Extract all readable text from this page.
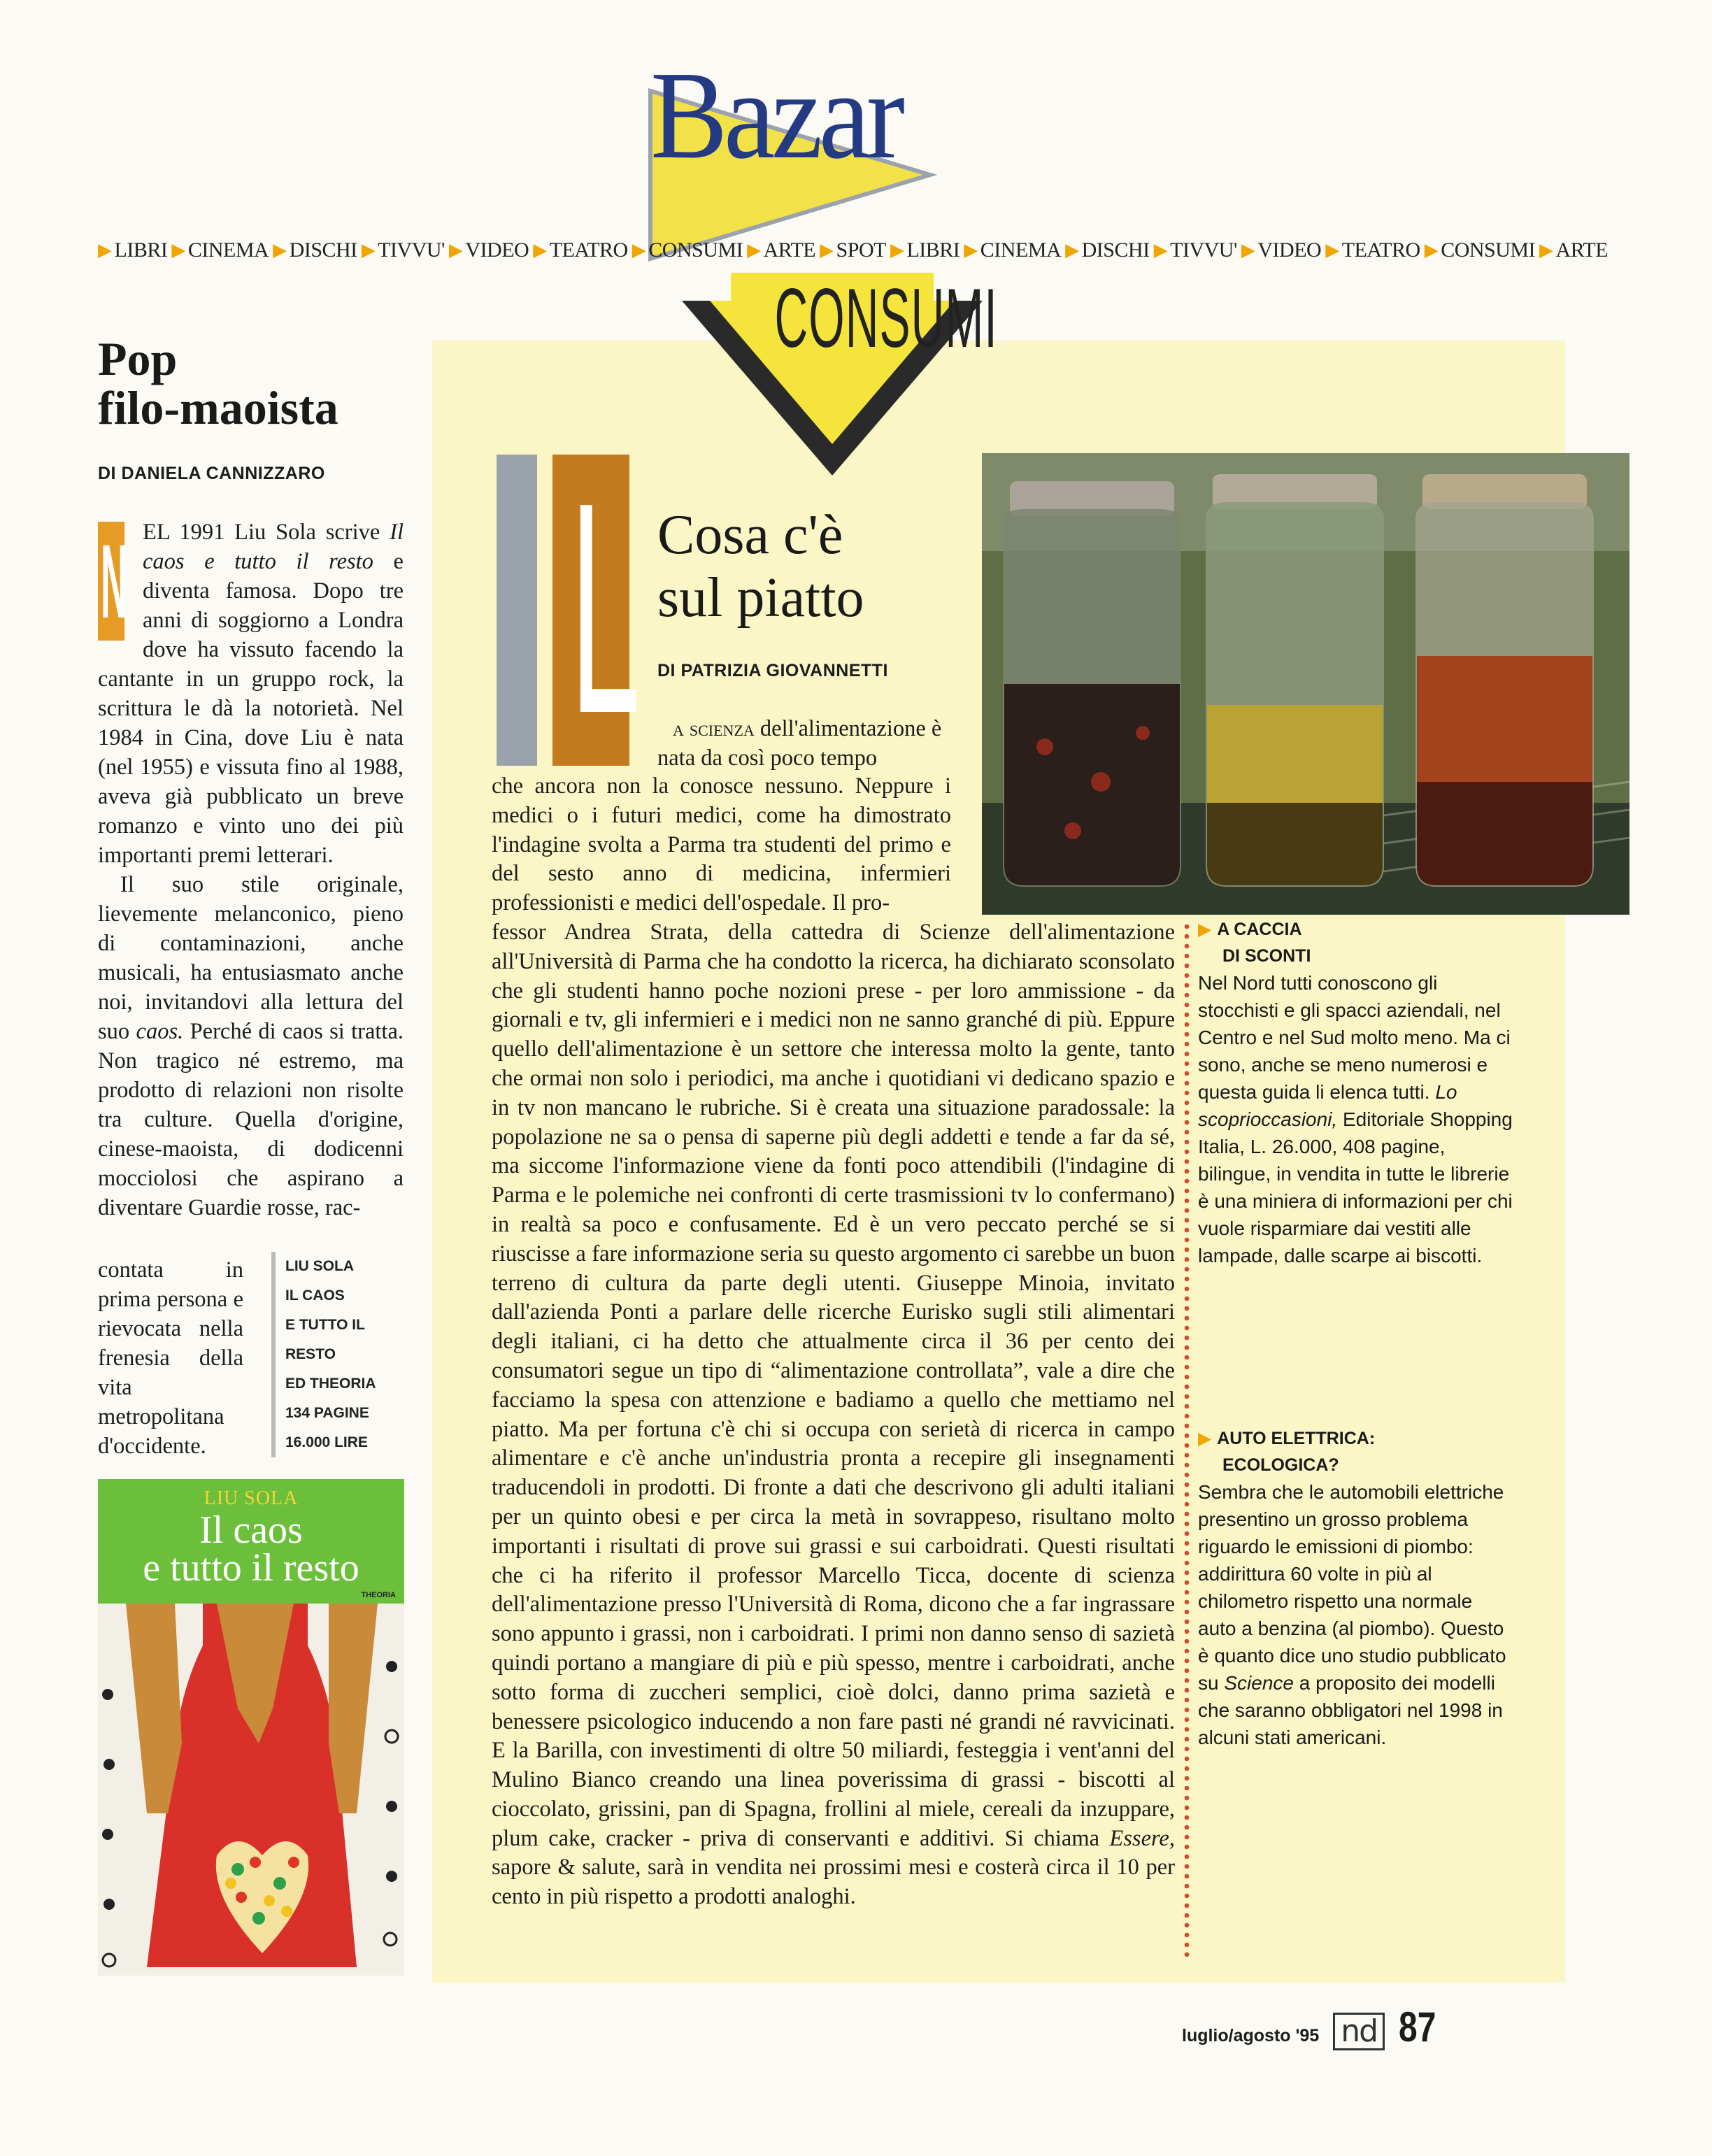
Bazar
▶ LIBRI ▶ CINEMA ▶ DISCHI ▶ TIVVU' ▶ VIDEO ▶ TEATRO ▶ CONSUMI ▶ ARTE ▶ SPOT ▶ LIBRI ▶ CINEMA ▶ DISCHI ▶ TIVVU' ▶ VIDEO ▶ TEATRO ▶ CONSUMI ▶ ARTE
CONSUMI
Pop
filo-maoista
DI DANIELA CANNIZZARO

N EL 1991 Liu Sola scrive Il caos e tutto il resto e diventa famosa. Dopo tre anni di soggiorno a Londra dove ha vissuto facendo la cantante in un gruppo rock, la scrittura le dà la notorietà. Nel 1984 in Cina, dove Liu è nata (nel 1955) e vissuta fino al 1988, aveva già pubblicato un breve romanzo e vinto uno dei più importanti premi letterari.

Il suo stile originale, lievemente melanconico, pieno di contaminazioni, anche musicali, ha entusiasmato anche noi, invitandovi alla lettura del suo caos. Perché di caos si tratta. Non tragico né estremo, ma prodotto di relazioni non risolte tra culture. Quella d'origine, cinese-maoista, di dodicenni mocciolosi che aspirano a diventare Guardie rosse, rac-

contata in prima persona e rievocata nella frenesia della vita metropolitana d'occidente.
LIU SOLA
IL CAOS
E TUTTO IL RESTO
ED THEORIA
134 PAGINE
16.000 LIRE
LIU SOLA
Il caos
e tutto il resto
THEORIA
L Cosa c'è
sul piatto
DI PATRIZIA GIOVANNETTI
a scienza dell'alimentazione è nata da così poco tempo
che ancora non la conosce nessuno. Neppure i medici o i futuri medici, come ha dimostrato l'indagine svolta a Parma tra studenti del primo e del sesto anno di medicina, infermieri professionisti e medici dell'ospedale. Il pro-
fessor Andrea Strata, della cattedra di Scienze dell'alimentazione all'Università di Parma che ha condotto la ricerca, ha dichiarato sconsolato che gli studenti hanno poche nozioni prese - per loro ammissione - da giornali e tv, gli infermieri e i medici non ne sanno granché di più. Eppure quello dell'alimentazione è un settore che interessa molto la gente, tanto che ormai non solo i periodici, ma anche i quotidiani vi dedicano spazio e in tv non mancano le rubriche. Si è creata una situazione paradossale: la popolazione ne sa o pensa di saperne più degli addetti e tende a far da sé, ma siccome l'informazione viene da fonti poco attendibili (l'indagine di Parma e le polemiche nei confronti di certe trasmissioni tv lo confermano) in realtà sa poco e confusamente. Ed è un vero peccato perché se si riuscisse a fare informazione seria su questo argomento ci sarebbe un buon terreno di cultura da parte degli utenti. Giuseppe Minoia, invitato dall'azienda Ponti a parlare delle ricerche Eurisko sugli stili alimentari degli italiani, ci ha detto che attualmente circa il 36 per cento dei consumatori segue un tipo di “alimentazione controllata”, vale a dire che facciamo la spesa con attenzione e badiamo a quello che mettiamo nel piatto. Ma per fortuna c'è chi si occupa con serietà di ricerca in campo alimentare e c'è anche un'industria pronta a recepire gli insegnamenti traducendoli in prodotti. Di fronte a dati che descrivono gli adulti italiani per un quinto obesi e per circa la metà in sovrappeso, risultano molto importanti i risultati di prove sui grassi e sui carboidrati. Questi risultati che ci ha riferito il professor Marcello Ticca, docente di scienza dell'alimentazione presso l'Università di Roma, dicono che a far ingrassare sono appunto i grassi, non i carboidrati. I primi non danno senso di sazietà quindi portano a mangiare di più e più spesso, mentre i carboidrati, anche sotto forma di zuccheri semplici, cioè dolci, danno prima sazietà e benessere psicologico inducendo a non fare pasti né grandi né ravvicinati. E la Barilla, con investimenti di oltre 50 miliardi, festeggia i vent'anni del Mulino Bianco creando una linea poverissima di grassi - biscotti al cioccolato, grissini, pan di Spagna, frollini al miele, cereali da inzuppare, plum cake, cracker - priva di conservanti e additivi. Si chiama Essere, sapore & salute, sarà in vendita nei prossimi mesi e costerà circa il 10 per cento in più rispetto a prodotti analoghi.
▶ A CACCIA
DI SCONTI
Nel Nord tutti conoscono gli stocchisti e gli spacci aziendali, nel Centro e nel Sud molto meno. Ma ci sono, anche se meno numerosi e questa guida li elenca tutti. Lo scoprioccasioni, Editoriale Shopping Italia, L. 26.000, 408 pagine, bilingue, in vendita in tutte le librerie è una miniera di informazioni per chi vuole risparmiare dai vestiti alle lampade, dalle scarpe ai biscotti.
▶ AUTO ELETTRICA:
ECOLOGICA?
Sembra che le automobili elettriche presentino un grosso problema riguardo le emissioni di piombo: addirittura 60 volte in più al chilometro rispetto una normale auto a benzina (al piombo). Questo è quanto dice uno studio pubblicato su Science a proposito dei modelli che saranno obbligatori nel 1998 in alcuni stati americani.
luglio/agosto '95 nd 87
